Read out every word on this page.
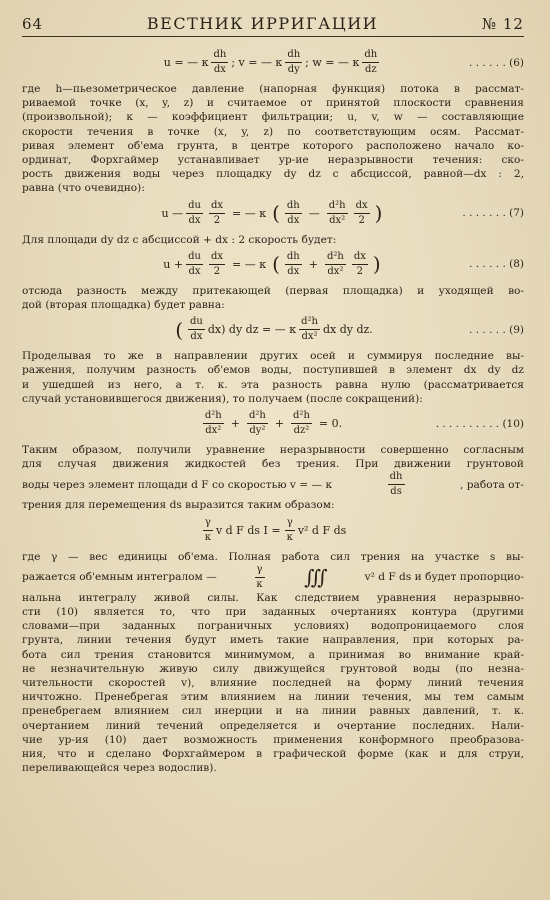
64	ВЕСТНИК ИРРИГАЦИИ	№ 12
u = — к $\frac{dh}{dx}$ ; v = — к $\frac{dh}{dy}$ ; w = — к $\frac{dh}{dz}$	. . . . . . (6)
где h—пьезометрическое давление (напорная функция) потока в рассмат-
риваемой точке (x, y, z) и считаемое от принятой плоскости сравнения
(произвольной); к — коэффициент фильтрации; u, v, w — составляющие
скорости течения в точке (x, y, z) по соответствующим осям. Рассмат-
ривая элемент об'ема грунта, в центре которого расположено начало ко-
ординат, Форхгаймер устанавливает ур-ие неразрывности течения: ско-
рость движения воды через площадку dy dz с абсциссой, равной—dx : 2,
равна (что очевидно):
u — $\frac{du}{dx} \frac{dx}{2}$ = — к ( $\frac{dh}{dx}$ — $\frac{\text{d²h}}{\text{dx²}} \frac{dx}{2}$ )	. . . . . . . (7)
Для площади dy dz с абсциссой + dx : 2 скорость будет:
$u + \frac{du}{dx} \frac{dx}{2}$ = — к ( $\frac{dh}{dx} + \frac{\text{d²h}}{\text{dx²}} \frac{dx}{2}$ )	. . . . . . (8)
отсюда разность между притекающей (первая площадка) и уходящей во-
дой (вторая площадка) будет равна:
( $\frac{du}{dx} dx$) dy dz = — к $\frac{\text{d²h}}{\text{dx²}}$ dx dy dz.	. . . . . . (9)
Проделывая то же в направлении других осей и суммируя последние вы-
ражения, получим разность об'емов воды, поступившей в элемент dx dy dz
и ушедшей из него, а т. к. эта разность равна нулю (рассматривается
случай установившегося движения), то получаем (после сокращений):
$\frac{\text{d²h}}{\text{dx²}} + \frac{\text{d²h}}{\text{dy²}} + \frac{\text{d²h}}{\text{dz²}} = 0$.	. . . . . . . . . . (10)
Таким образом, получили уравнение неразрывности совершенно согласным
для случая движения жидкостей без трения. При движении грунтовой
воды через элемент площади d F со скоростью v = — к	$\frac{dh}{ds}$	, работа от-
трения для перемещения ds выразится таким образом:
$\frac{\gamma}{к}$ v d F ds $I = \frac{\gamma}{к} v^2$ d F ds
где γ — вес единицы об'ема. Полная работа сил трения на участке s вы-
ражается об'емным интегралом —	$\frac{\gamma}{к}$ ∭	v² d F ds и будет пропорцио-
нальна интегралу живой силы. Как следствием уравнения неразрывно-
сти (10) является то, что при заданных очертаниях контура (другими
словами—при заданных пограничных условиях) водопроницаемого слоя
грунта, линии течения будут иметь такие направления, при которых ра-
бота сил трения становится минимумом, а принимая во внимание край-
не незначительную живую силу движущейся грунтовой воды (по незна-
чительности скоростей v), влияние последней на форму линий течения
ничтожно. Пренебрегая этим влиянием на линии течения, мы тем самым
пренебрегаем влиянием сил инерции и на линии равных давлений, т. к.
очертанием линий течений определяется и очертание последних. Нали-
чие ур-ия (10) дает возможность применения конформного преобразова-
ния, что и сделано Форхгаймером в графической форме (как и для струи,
переливающейся через водослив).
